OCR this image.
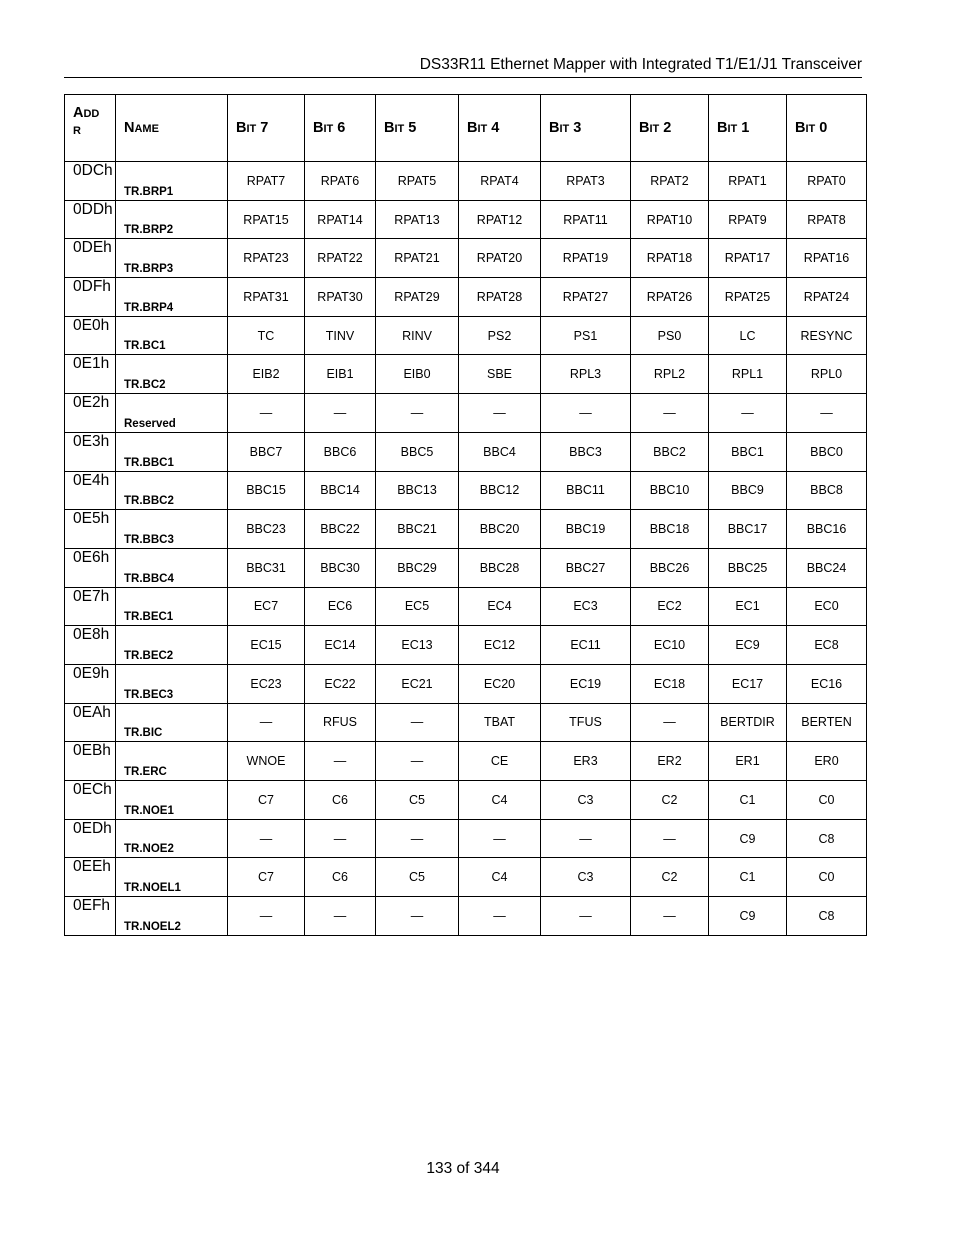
DS33R11 Ethernet Mapper with Integrated T1/E1/J1 Transceiver
ADD
R	NAME	BIT 7	BIT 6	BIT 5	BIT 4	BIT 3	BIT 2	BIT 1	BIT 0
0DCh	TR.BRP1	RPAT7	RPAT6	RPAT5	RPAT4	RPAT3	RPAT2	RPAT1	RPAT0
0DDh	TR.BRP2	RPAT15	RPAT14	RPAT13	RPAT12	RPAT11	RPAT10	RPAT9	RPAT8
0DEh	TR.BRP3	RPAT23	RPAT22	RPAT21	RPAT20	RPAT19	RPAT18	RPAT17	RPAT16
0DFh	TR.BRP4	RPAT31	RPAT30	RPAT29	RPAT28	RPAT27	RPAT26	RPAT25	RPAT24
0E0h	TR.BC1	TC	TINV	RINV	PS2	PS1	PS0	LC	RESYNC
0E1h	TR.BC2	EIB2	EIB1	EIB0	SBE	RPL3	RPL2	RPL1	RPL0
0E2h	Reserved	—	—	—	—	—	—	—	—
0E3h	TR.BBC1	BBC7	BBC6	BBC5	BBC4	BBC3	BBC2	BBC1	BBC0
0E4h	TR.BBC2	BBC15	BBC14	BBC13	BBC12	BBC11	BBC10	BBC9	BBC8
0E5h	TR.BBC3	BBC23	BBC22	BBC21	BBC20	BBC19	BBC18	BBC17	BBC16
0E6h	TR.BBC4	BBC31	BBC30	BBC29	BBC28	BBC27	BBC26	BBC25	BBC24
0E7h	TR.BEC1	EC7	EC6	EC5	EC4	EC3	EC2	EC1	EC0
0E8h	TR.BEC2	EC15	EC14	EC13	EC12	EC11	EC10	EC9	EC8
0E9h	TR.BEC3	EC23	EC22	EC21	EC20	EC19	EC18	EC17	EC16
0EAh	TR.BIC	—	RFUS	—	TBAT	TFUS	—	BERTDIR	BERTEN
0EBh	TR.ERC	WNOE	—	—	CE	ER3	ER2	ER1	ER0
0ECh	TR.NOE1	C7	C6	C5	C4	C3	C2	C1	C0
0EDh	TR.NOE2	—	—	—	—	—	—	C9	C8
0EEh	TR.NOEL1	C7	C6	C5	C4	C3	C2	C1	C0
0EFh	TR.NOEL2	—	—	—	—	—	—	C9	C8
133 of 344
